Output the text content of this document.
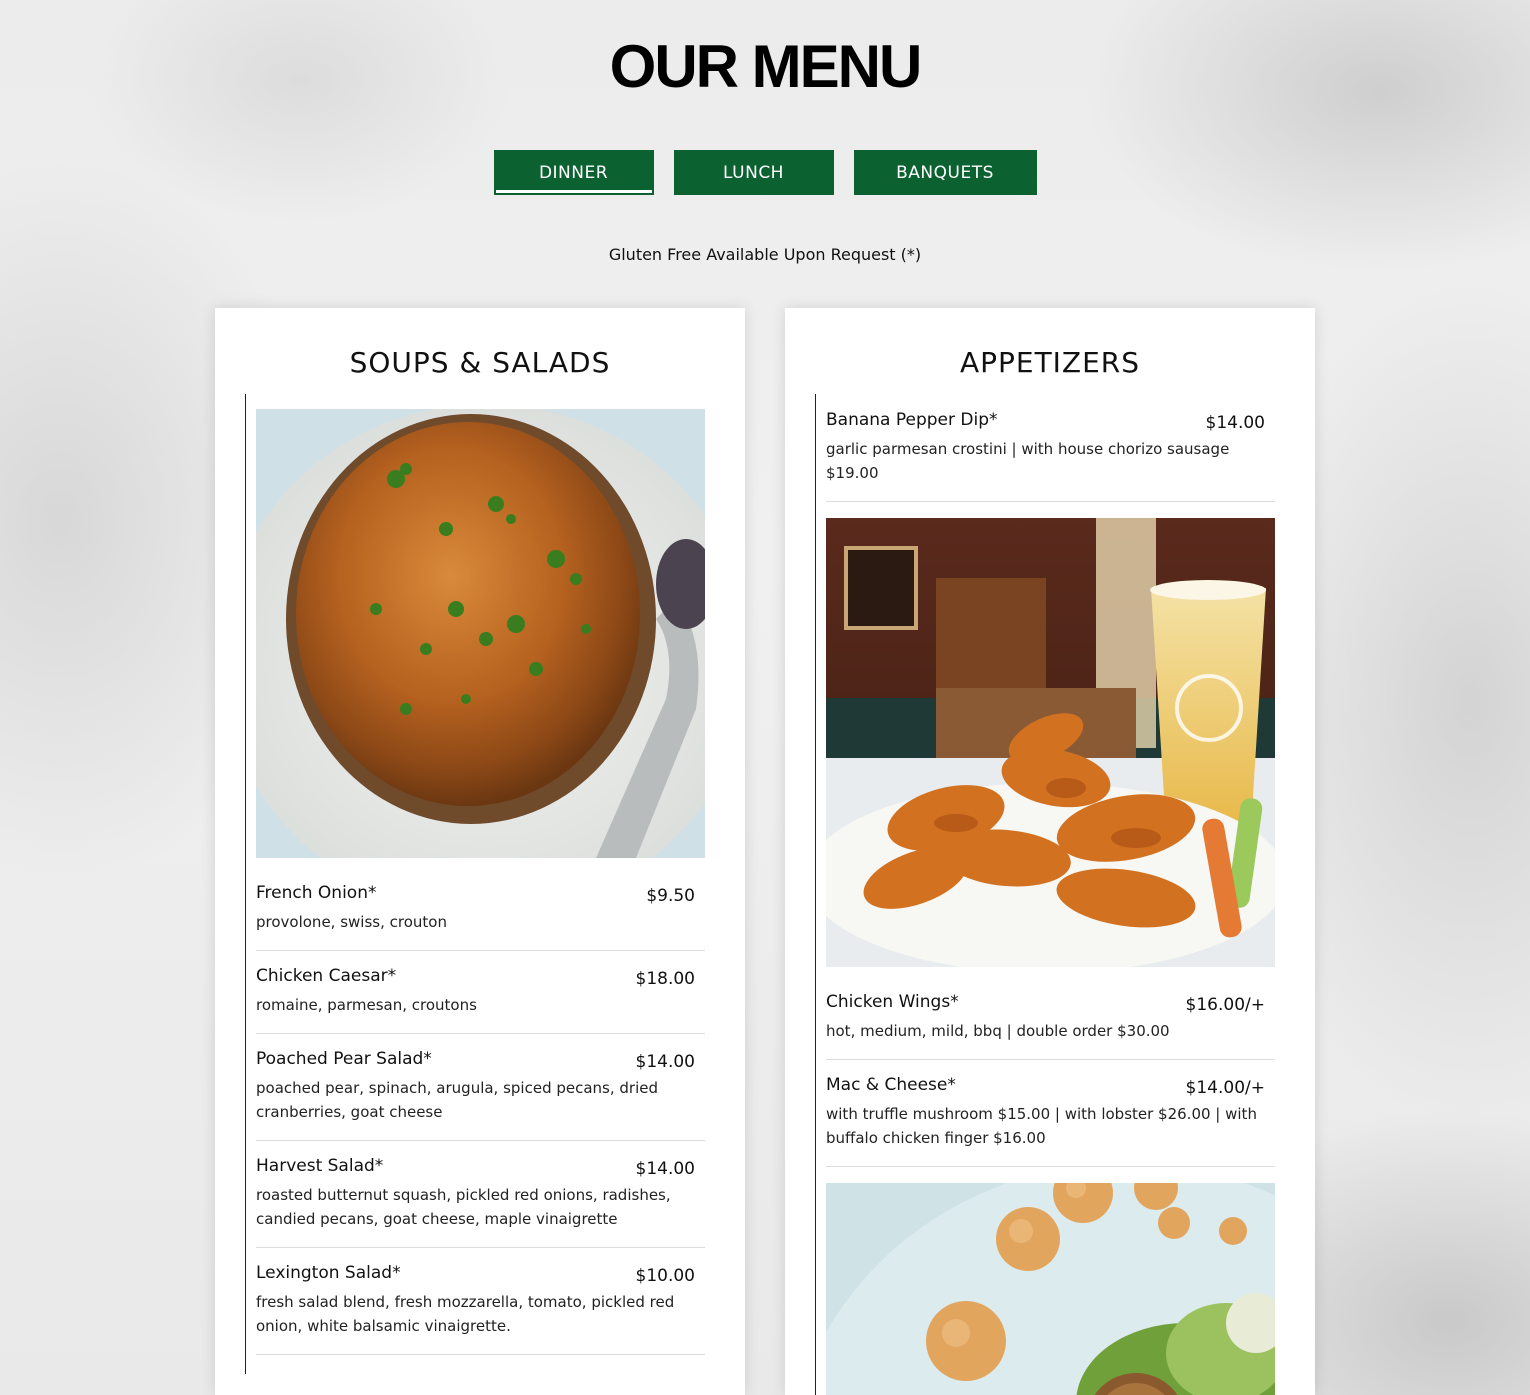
OUR MENU
DINNER	LUNCH	BANQUETS
Gluten Free Available Upon Request (*)
SOUPS & SALADS
French Onion*	$9.50
provolone, swiss, crouton
Chicken Caesar*	$18.00
romaine, parmesan, croutons
Poached Pear Salad*	$14.00
poached pear, spinach, arugula, spiced pecans, dried cranberries, goat cheese
Harvest Salad*	$14.00
roasted butternut squash, pickled red onions, radishes, candied pecans, goat cheese, maple vinaigrette
Lexington Salad*	$10.00
fresh salad blend, fresh mozzarella, tomato, pickled red onion, white balsamic vinaigrette.
APPETIZERS
Banana Pepper Dip*	$14.00
garlic parmesan crostini | with house chorizo sausage $19.00
Chicken Wings*	$16.00/+
hot, medium, mild, bbq | double order $30.00
Mac & Cheese*	$14.00/+
with truffle mushroom $15.00 | with lobster $26.00 | with buffalo chicken finger $16.00
